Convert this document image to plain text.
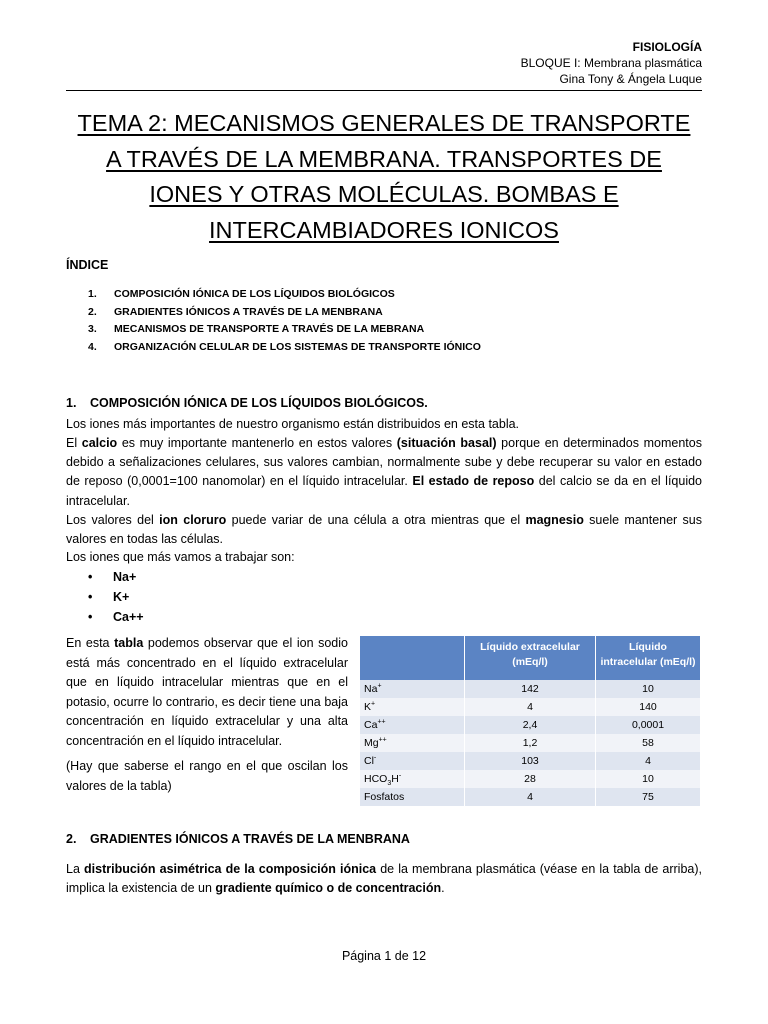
FISIOLOGÍA
BLOQUE I: Membrana plasmática
Gina Tony & Ángela Luque
TEMA 2: MECANISMOS GENERALES DE TRANSPORTE
A TRAVÉS DE LA MEMBRANA. TRANSPORTES DE
IONES Y OTRAS MOLÉCULAS. BOMBAS E
INTERCAMBIADORES IONICOS
ÍNDICE
1. COMPOSICIÓN IÓNICA DE LOS LÍQUIDOS BIOLÓGICOS
2. GRADIENTES IÓNICOS A TRAVÉS DE LA MENBRANA
3. MECANISMOS DE TRANSPORTE A TRAVÉS DE LA MEBRANA
4. ORGANIZACIÓN CELULAR DE LOS SISTEMAS DE TRANSPORTE IÓNICO
1. COMPOSICIÓN IÓNICA DE LOS LÍQUIDOS BIOLÓGICOS.

Los iones más importantes de nuestro organismo están distribuidos en esta tabla.

El calcio es muy importante mantenerlo en estos valores (situación basal) porque en determinados momentos debido a señalizaciones celulares, sus valores cambian, normalmente sube y debe recuperar su valor en estado de reposo (0,0001=100 nanomolar) en el líquido intracelular. El estado de reposo del calcio se da en el líquido intracelular.

Los valores del ion cloruro puede variar de una célula a otra mientras que el magnesio suele mantener sus valores en todas las células.

Los iones que más vamos a trabajar son:

• Na+
• K+
• Ca++

En esta tabla podemos observar que el ion sodio está más concentrado en el líquido extracelular que en líquido intracelular mientras que en el potasio, ocurre lo contrario, es decir tiene una baja concentración en líquido extracelular y una alta concentración en el líquido intracelular.

(Hay que saberse el rango en el que oscilan los valores de la tabla)

	Líquido extracelular (mEq/l)	Líquido intracelular (mEq/l)
Na+	142	10
K+	4	140
Ca++	2,4	0,0001
Mg++	1,2	58
Cl-	103	4
$HCO_3H^-$	28	10
Fosfatos	4	75
2. GRADIENTES IÓNICOS A TRAVÉS DE LA MENBRANA

La distribución asimétrica de la composición iónica de la membrana plasmática (véase en la tabla de arriba), implica la existencia de un gradiente químico o de concentración.

Página 1 de 12
